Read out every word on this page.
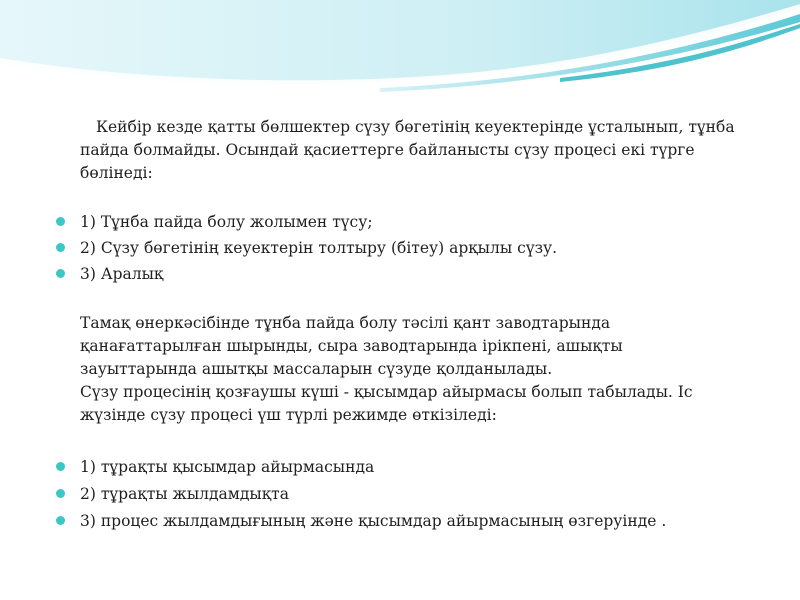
Кейбір кезде қатты бөлшектер сүзу бөгетінің кеуектерінде ұсталынып, тұнба
пайда болмайды. Осындай қасиеттерге байланысты сүзу процесі екі түрге
бөлінеді:
1) Тұнба пайда болу жолымен түсу;
2) Сүзу бөгетінің кеуектерін толтыру (бітеу) арқылы сүзу.
3) Аралық
Тамақ өнеркәсібінде тұнба пайда болу тәсілі қант заводтарында
қанағаттарылған шырынды, сыра заводтарында ірікпені, ашықты
зауыттарында ашытқы массаларын сүзуде қолданылады.
Сүзу процесінің қозғаушы күші - қысымдар айырмасы болып табылады. Іс
жүзінде сүзу процесі үш түрлі режимде өткізіледі:
1) тұрақты қысымдар айырмасында
2) тұрақты жылдамдықта
3) процес жылдамдығының және қысымдар айырмасының өзгеруінде .
